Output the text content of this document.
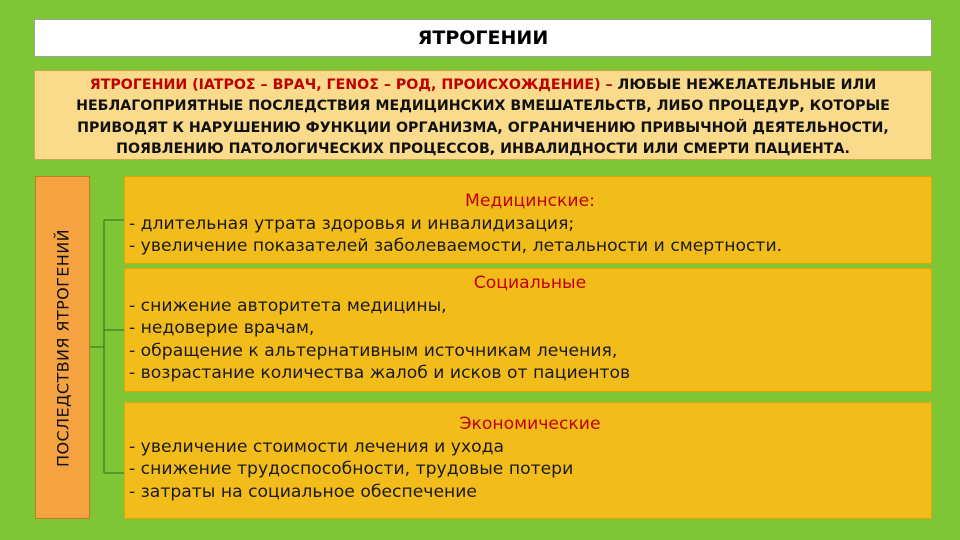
ЯТРОГЕНИИ
ЯТРОГЕНИИ (IATPOΣ – ВРАЧ, ГЕNOΣ – РОД, ПРОИСХОЖДЕНИЕ) – ЛЮБЫЕ НЕЖЕЛАТЕЛЬНЫЕ ИЛИ НЕБЛАГОПРИЯТНЫЕ ПОСЛЕДСТВИЯ МЕДИЦИНСКИХ ВМЕШАТЕЛЬСТВ, ЛИБО ПРОЦЕДУР, КОТОРЫЕ ПРИВОДЯТ К НАРУШЕНИЮ ФУНКЦИИ ОРГАНИЗМА, ОГРАНИЧЕНИЮ ПРИВЫЧНОЙ ДЕЯТЕЛЬНОСТИ, ПОЯВЛЕНИЮ ПАТОЛОГИЧЕСКИХ ПРОЦЕССОВ, ИНВАЛИДНОСТИ ИЛИ СМЕРТИ ПАЦИЕНТА.
ПОСЛЕДСТВИЯ ЯТРОГЕНИЙ
Медицинские:
- длительная утрата здоровья и инвалидизация;
- увеличение показателей заболеваемости, летальности и смертности.
Социальные
- снижение авторитета медицины,
- недоверие врачам,
- обращение к альтернативным источникам лечения,
- возрастание количества жалоб и исков от пациентов
Экономические
- увеличение стоимости лечения и ухода
- снижение трудоспособности, трудовые потери
- затраты на социальное обеспечение
